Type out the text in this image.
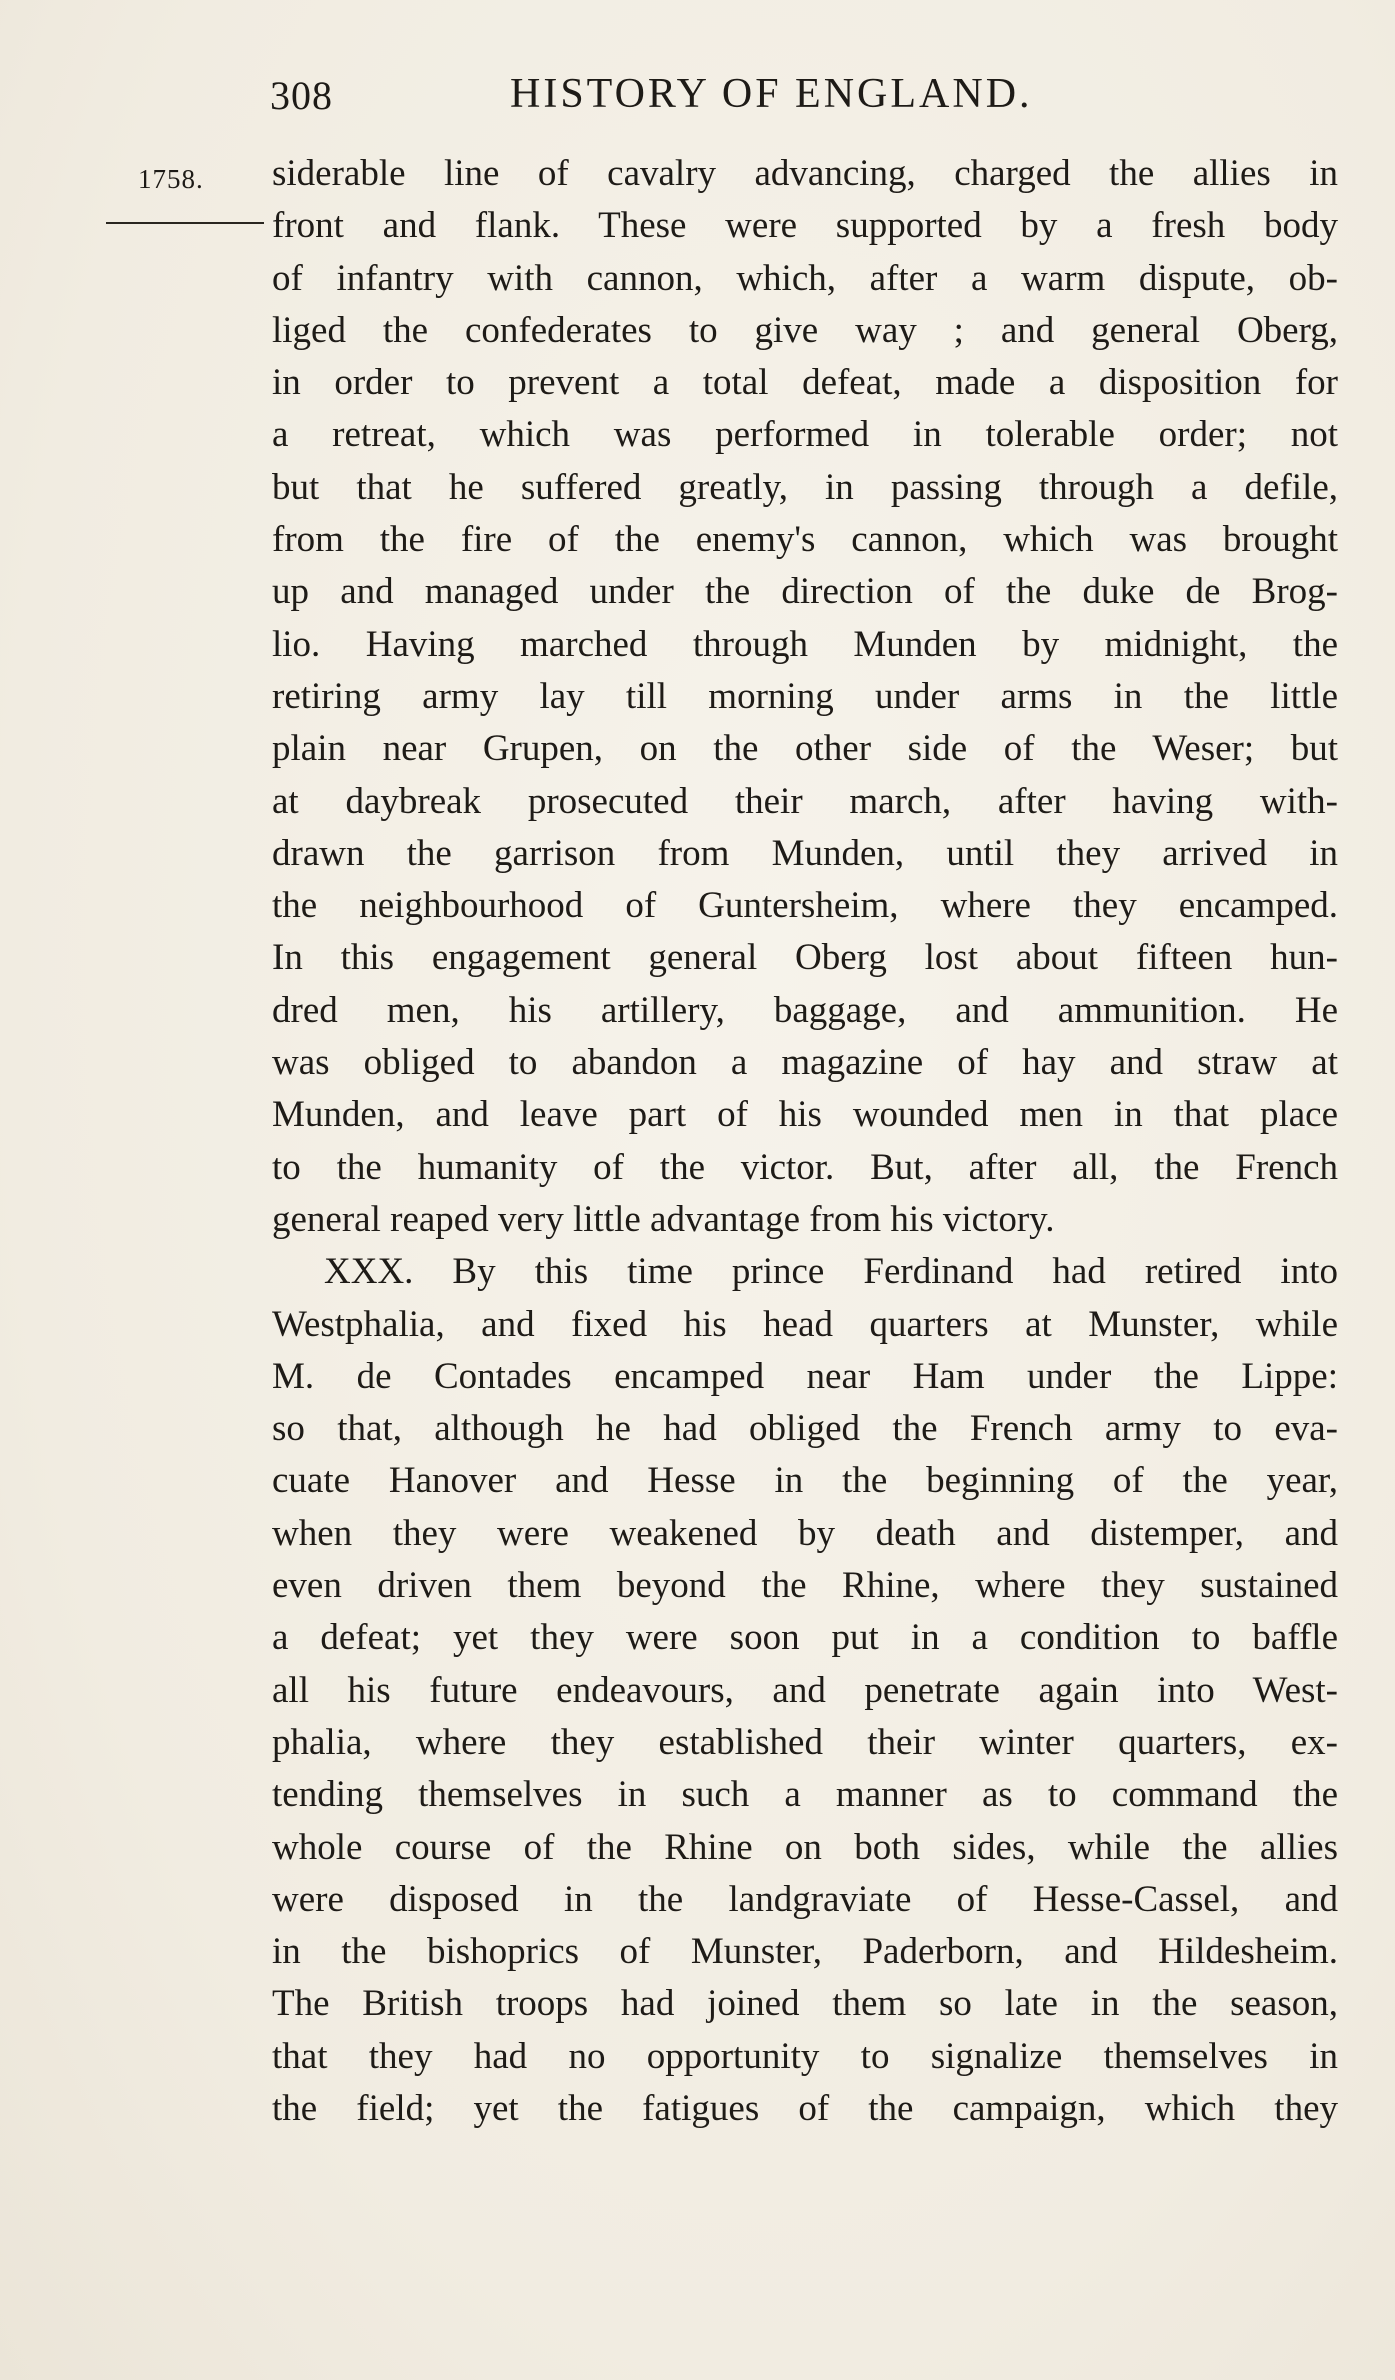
308	HISTORY OF ENGLAND.
1758. siderable line of cavalry advancing, charged the allies in
front and flank. These were supported by a fresh body
of infantry with cannon, which, after a warm dispute, ob-
liged the confederates to give way ; and general Oberg,
in order to prevent a total defeat, made a disposition for
a retreat, which was performed in tolerable order; not
but that he suffered greatly, in passing through a defile,
from the fire of the enemy's cannon, which was brought
up and managed under the direction of the duke de Brog-
lio. Having marched through Munden by midnight, the
retiring army lay till morning under arms in the little
plain near Grupen, on the other side of the Weser; but
at daybreak prosecuted their march, after having with-
drawn the garrison from Munden, until they arrived in
the neighbourhood of Guntersheim, where they encamped.
In this engagement general Oberg lost about fifteen hun-
dred men, his artillery, baggage, and ammunition. He
was obliged to abandon a magazine of hay and straw at
Munden, and leave part of his wounded men in that place
to the humanity of the victor. But, after all, the French
general reaped very little advantage from his victory.
XXX. By this time prince Ferdinand had retired into
Westphalia, and fixed his head quarters at Munster, while
M. de Contades encamped near Ham under the Lippe:
so that, although he had obliged the French army to eva-
cuate Hanover and Hesse in the beginning of the year,
when they were weakened by death and distemper, and
even driven them beyond the Rhine, where they sustained
a defeat; yet they were soon put in a condition to baffle
all his future endeavours, and penetrate again into West-
phalia, where they established their winter quarters, ex-
tending themselves in such a manner as to command the
whole course of the Rhine on both sides, while the allies
were disposed in the landgraviate of Hesse-Cassel, and
in the bishoprics of Munster, Paderborn, and Hildesheim.
The British troops had joined them so late in the season,
that they had no opportunity to signalize themselves in
the field; yet the fatigues of the campaign, which they
